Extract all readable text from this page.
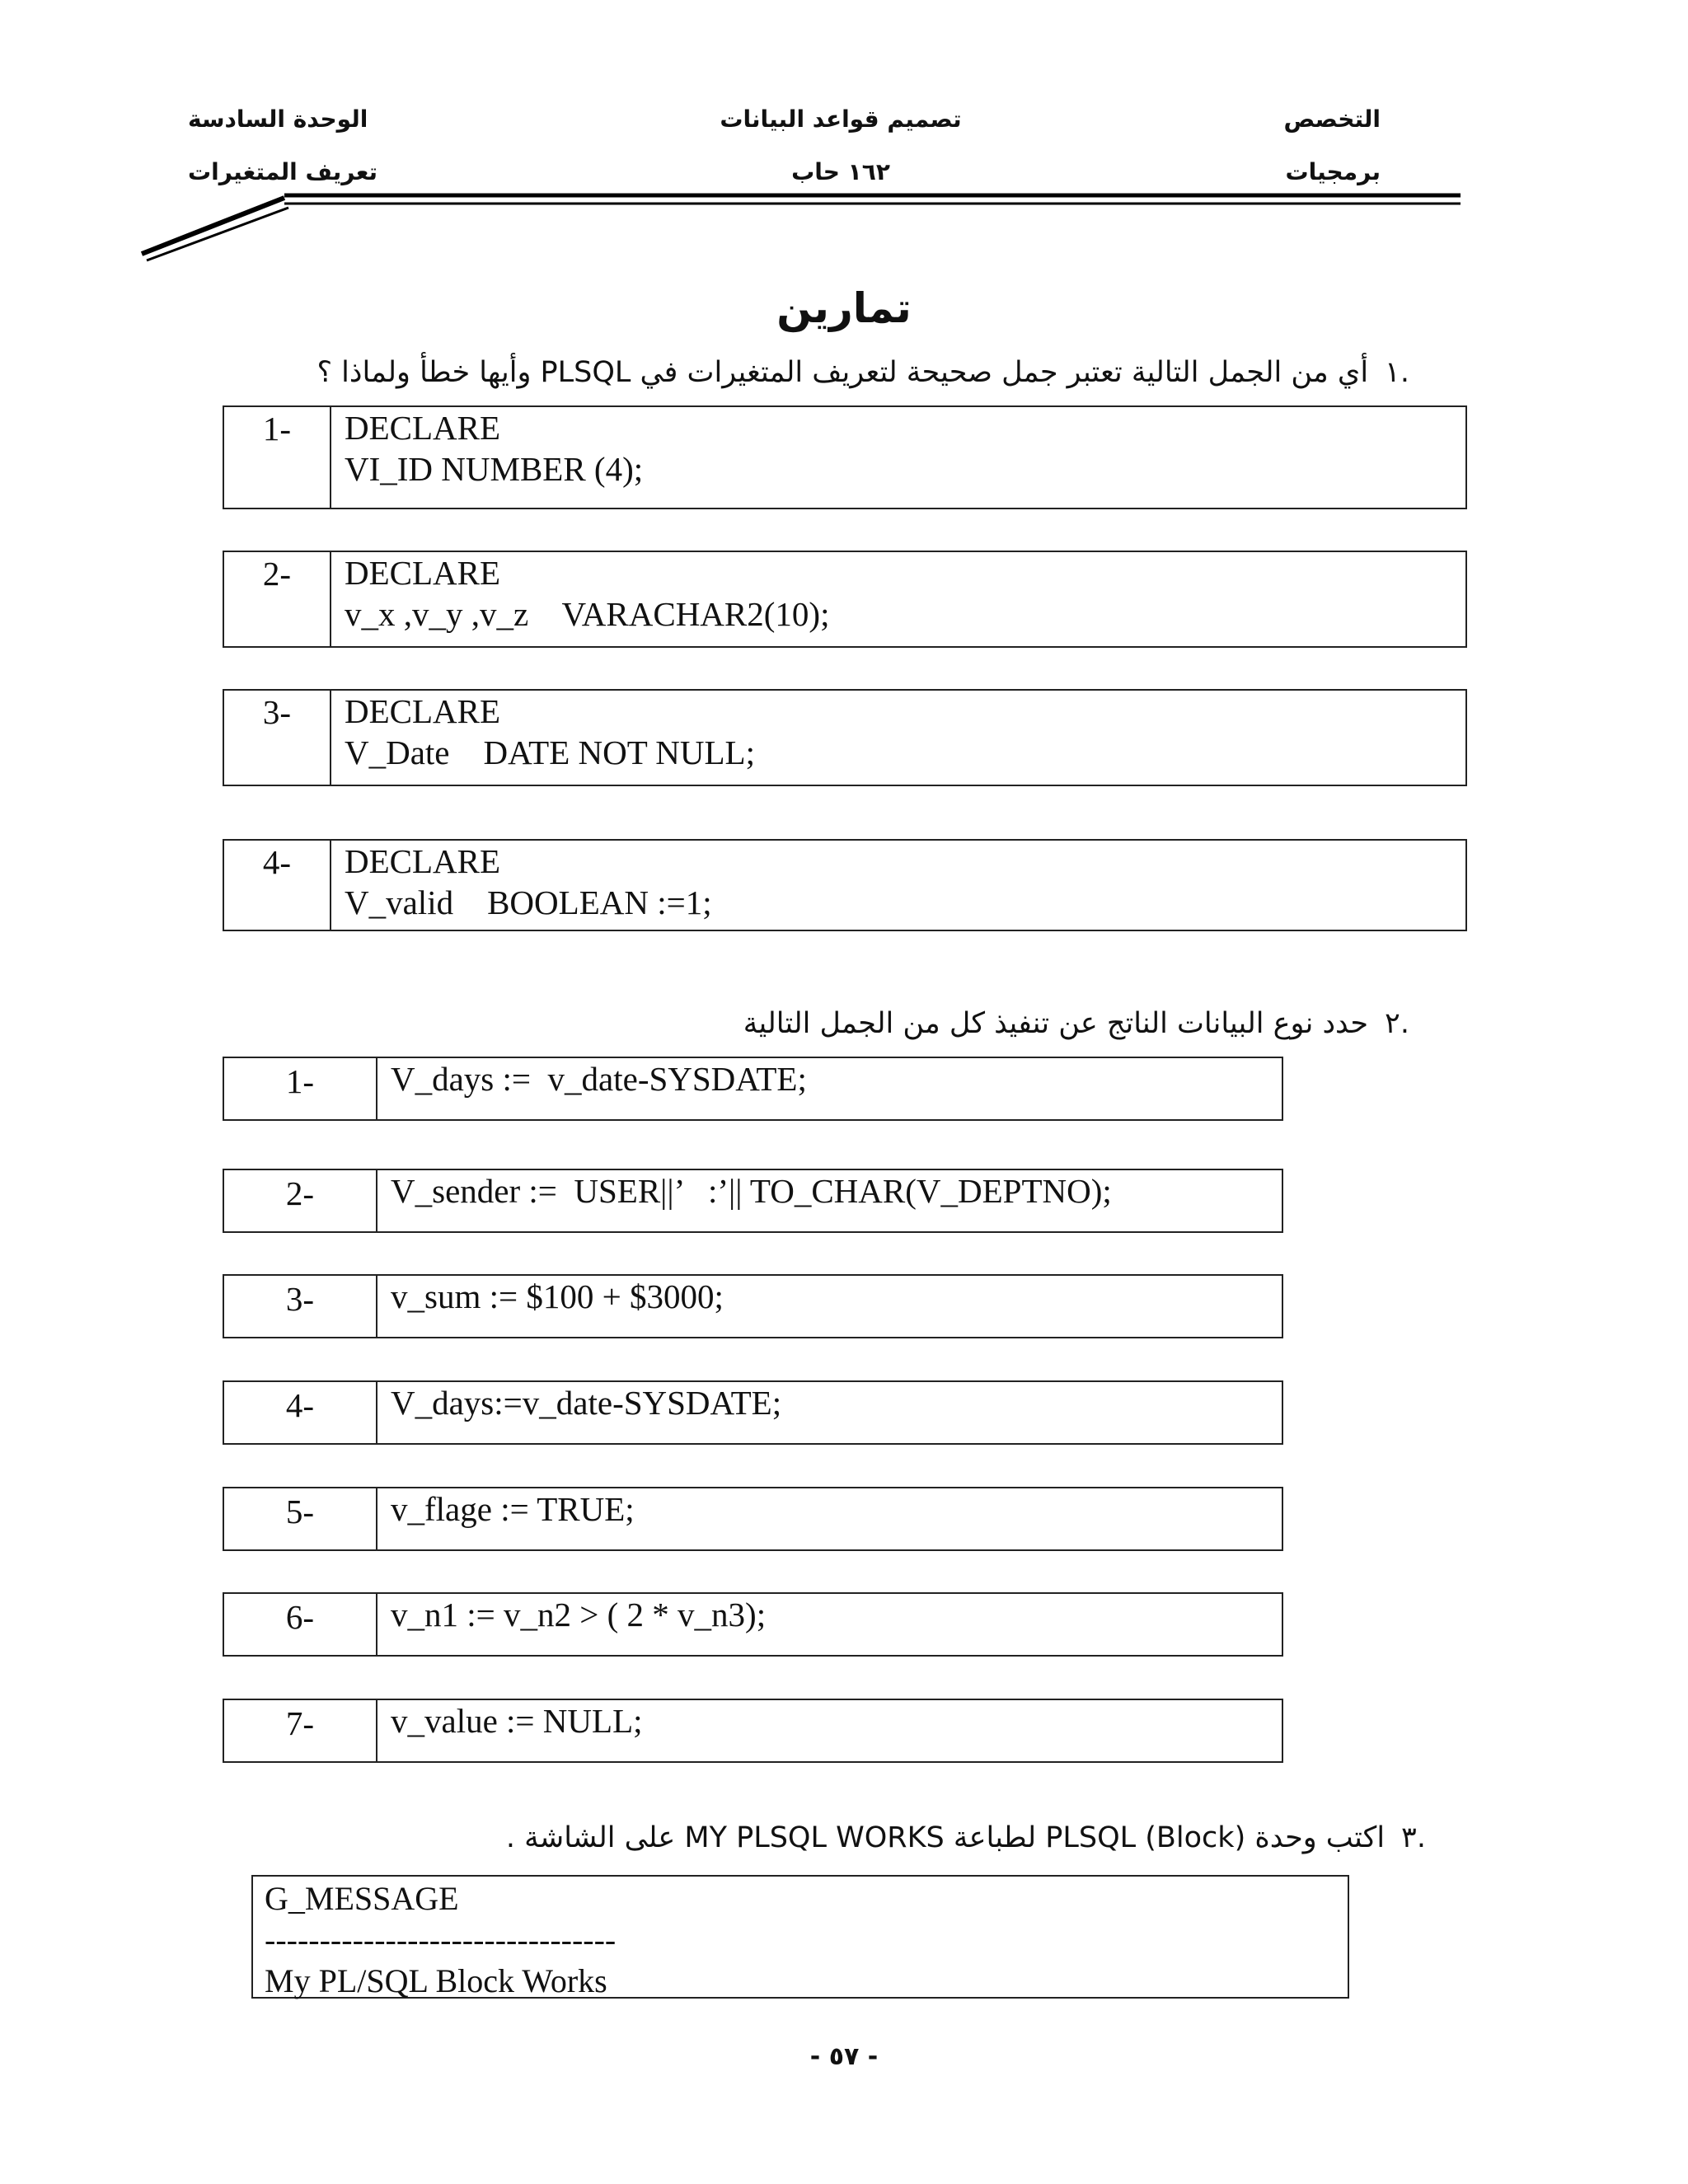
التخصص
برمجيات
تصميم قواعد البيانات
١٦٢ حاب
الوحدة السادسة
تعريف المتغيرات
تمارين
.١أي من الجمل التالية تعتبر جمل صحيحة لتعريف المتغيرات في PLSQL وأيها خطأ ولماذا ؟
1-	DECLARE
VI_ID NUMBER (4);
2-	DECLARE
v_x ,v_y ,v_z    VARACHAR2(10);
3-	DECLARE
V_Date    DATE NOT NULL;
4-	DECLARE
V_valid    BOOLEAN :=1;
.٢حدد نوع البيانات الناتج عن تنفيذ كل من الجمل التالية
1-	V_days :=  v_date-SYSDATE;
2-	V_sender :=  USER||’   :’|| TO_CHAR(V_DEPTNO);
3-	v_sum := $100 + $3000;
4-	V_days:=v_date-SYSDATE;
5-	v_flage := TRUE;
6-	v_n1 := v_n2 > ( 2 * v_n3);
7-	v_value := NULL;
.٣اكتب وحدة (Block) PLSQL لطباعة MY PLSQL WORKS على الشاشة .
G_MESSAGE
--------------------------------
My PL/SQL Block Works
- ٥٧ -
